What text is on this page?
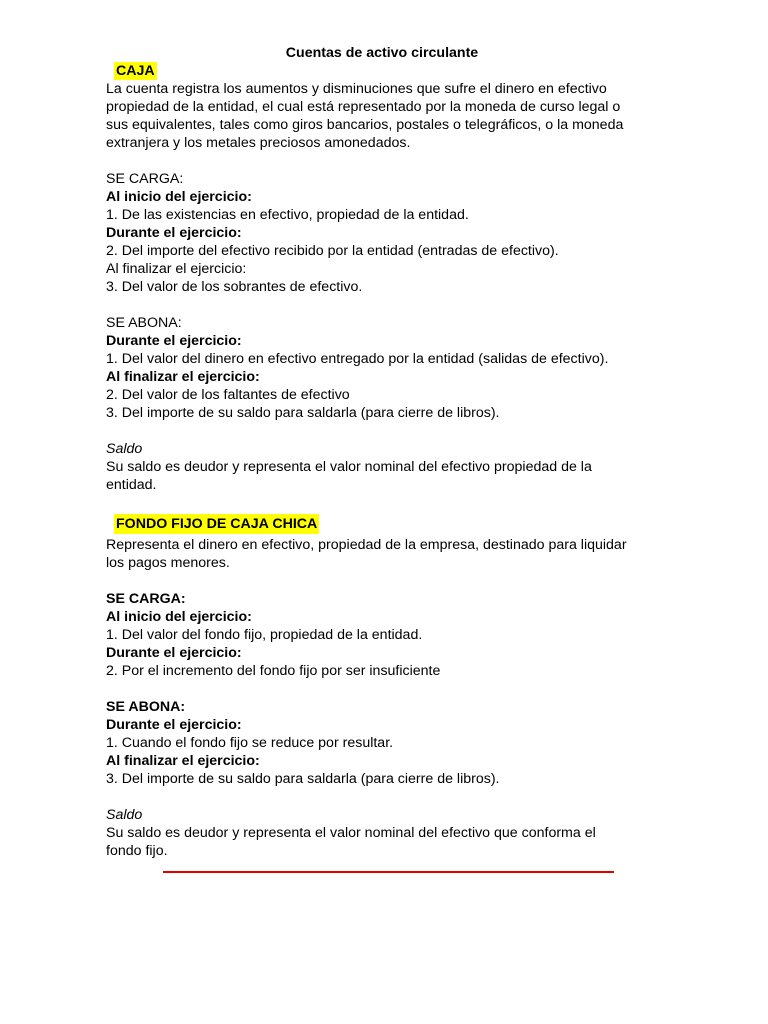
Cuentas de activo circulante
CAJA
La cuenta registra los aumentos y disminuciones que sufre el dinero en efectivo
propiedad de la entidad, el cual está representado por la moneda de curso legal o
sus equivalentes, tales como giros bancarios, postales o telegráficos, o la moneda
extranjera y los metales preciosos amonedados.
SE CARGA:
Al inicio del ejercicio:
1. De las existencias en efectivo, propiedad de la entidad.
Durante el ejercicio:
2. Del importe del efectivo recibido por la entidad (entradas de efectivo).
Al finalizar el ejercicio:
3. Del valor de los sobrantes de efectivo.
SE ABONA:
Durante el ejercicio:
1. Del valor del dinero en efectivo entregado por la entidad (salidas de efectivo).
Al finalizar el ejercicio:
2. Del valor de los faltantes de efectivo
3. Del importe de su saldo para saldarla (para cierre de libros).
Saldo
Su saldo es deudor y representa el valor nominal del efectivo propiedad de la
entidad.
FONDO FIJO DE CAJA CHICA
Representa el dinero en efectivo, propiedad de la empresa, destinado para liquidar
los pagos menores.
SE CARGA:
Al inicio del ejercicio:
1. Del valor del fondo fijo, propiedad de la entidad.
Durante el ejercicio:
2. Por el incremento del fondo fijo por ser insuficiente
SE ABONA:
Durante el ejercicio:
1. Cuando el fondo fijo se reduce por resultar.
Al finalizar el ejercicio:
3. Del importe de su saldo para saldarla (para cierre de libros).
Saldo
Su saldo es deudor y representa el valor nominal del efectivo que conforma el
fondo fijo.
